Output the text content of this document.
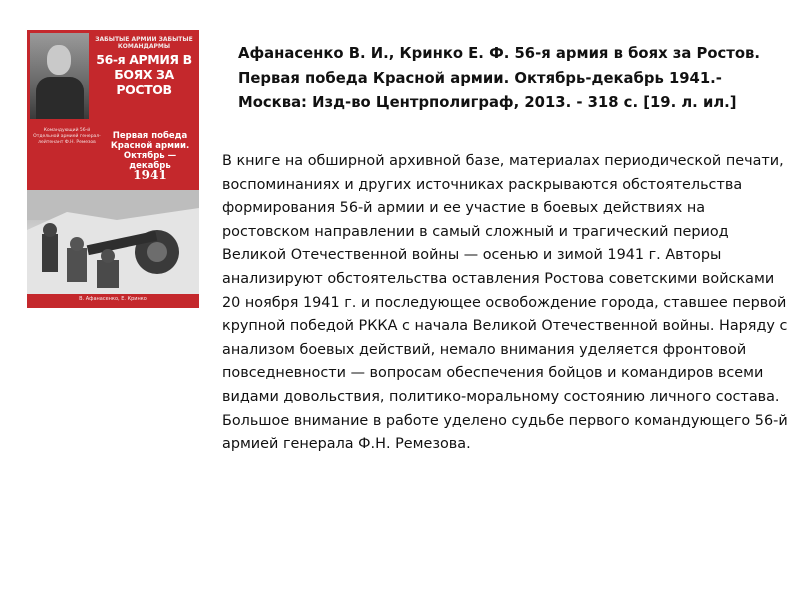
ЗАБЫТЫЕ АРМИИ ЗАБЫТЫЕ КОМАНДАРМЫ
56-я АРМИЯ В БОЯХ ЗА РОСТОВ
Командующий 56-й Отдельной армией генерал-лейтенант Ф.Н. Ремезов
Первая победа Красной армии. Октябрь — декабрь
1941
В. Афанасенко, Е. Кринко

Афанасенко В. И., Кринко Е. Ф. 56-я армия в боях за Ростов. Первая победа Красной армии. Октябрь-декабрь 1941.- Москва: Изд-во Центрполиграф, 2013. - 318 с. [19. л. ил.]

В книге на обширной архивной базе, материалах периодической печати, воспоминаниях и других источниках раскрываются обстоятельства формирования 56-й армии и ее участие в боевых действиях на ростовском направлении в самый сложный и трагический период Великой Отечественной войны — осенью и зимой 1941 г. Авторы анализируют обстоятельства оставления Ростова советскими войсками 20 ноября 1941 г. и последующее освобождение города, ставшее первой крупной победой РККА с начала Великой Отечественной войны. Наряду с анализом боевых действий, немало внимания уделяется фронтовой повседневности — вопросам обеспечения бойцов и командиров всеми видами довольствия, политико-моральному состоянию личного состава. Большое внимание в работе уделено судьбе первого командующего 56-й армией генерала Ф.Н. Ремезова.
